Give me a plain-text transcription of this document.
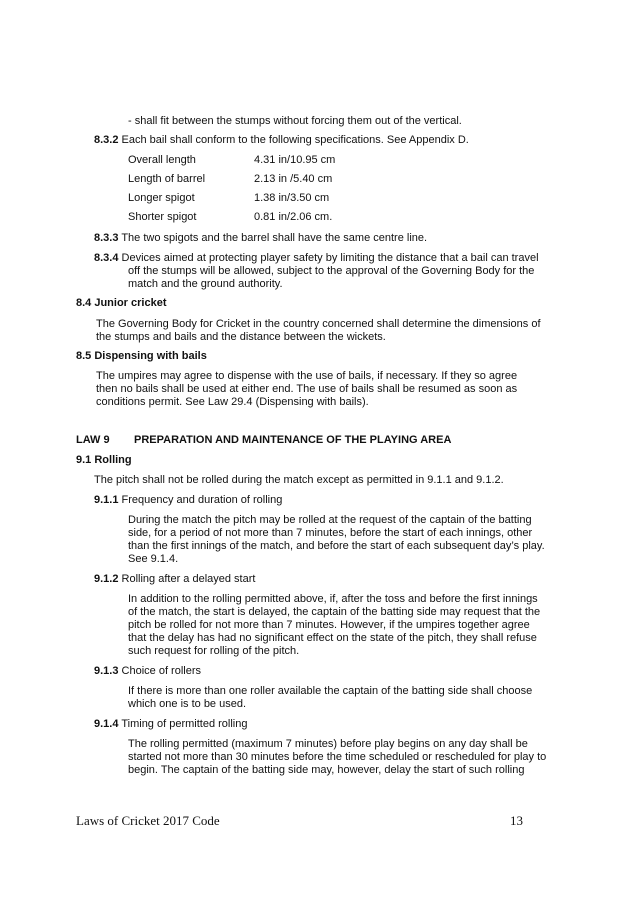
- shall fit between the stumps without forcing them out of the vertical.
8.3.2 Each bail shall conform to the following specifications. See Appendix D.
Overall length	4.31 in/10.95 cm
Length of barrel	2.13 in /5.40 cm
Longer spigot	1.38 in/3.50 cm
Shorter spigot	0.81 in/2.06 cm.
8.3.3 The two spigots and the barrel shall have the same centre line.
8.3.4 Devices aimed at protecting player safety by limiting the distance that a bail can travel
off the stumps will be allowed, subject to the approval of the Governing Body for the
match and the ground authority.
8.4 Junior cricket
The Governing Body for Cricket in the country concerned shall determine the dimensions of
the stumps and bails and the distance between the wickets.
8.5 Dispensing with bails
The umpires may agree to dispense with the use of bails, if necessary. If they so agree
then no bails shall be used at either end. The use of bails shall be resumed as soon as
conditions permit. See Law 29.4 (Dispensing with bails).
LAW 9 PREPARATION AND MAINTENANCE OF THE PLAYING AREA
9.1 Rolling
The pitch shall not be rolled during the match except as permitted in 9.1.1 and 9.1.2.
9.1.1 Frequency and duration of rolling
During the match the pitch may be rolled at the request of the captain of the batting
side, for a period of not more than 7 minutes, before the start of each innings, other
than the first innings of the match, and before the start of each subsequent day’s play.
See 9.1.4.
9.1.2 Rolling after a delayed start
In addition to the rolling permitted above, if, after the toss and before the first innings
of the match, the start is delayed, the captain of the batting side may request that the
pitch be rolled for not more than 7 minutes. However, if the umpires together agree
that the delay has had no significant effect on the state of the pitch, they shall refuse
such request for rolling of the pitch.
9.1.3 Choice of rollers
If there is more than one roller available the captain of the batting side shall choose
which one is to be used.
9.1.4 Timing of permitted rolling
The rolling permitted (maximum 7 minutes) before play begins on any day shall be
started not more than 30 minutes before the time scheduled or rescheduled for play to
begin. The captain of the batting side may, however, delay the start of such rolling
Laws of Cricket 2017 Code	13
